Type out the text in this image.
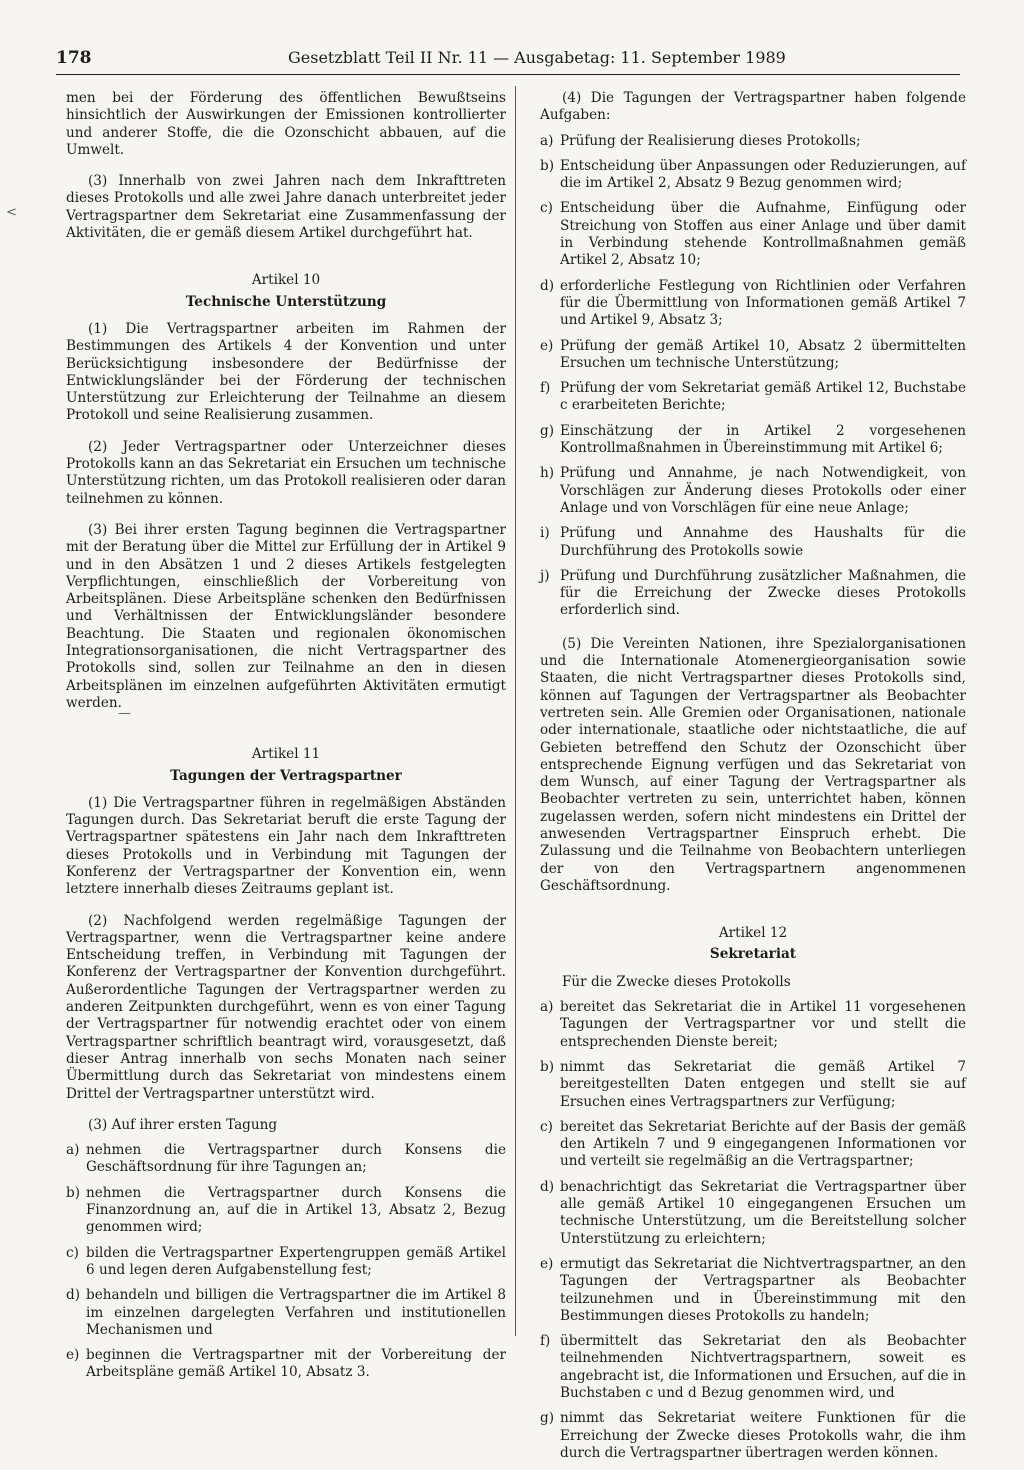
178	Gesetzblatt Teil II Nr. 11 — Ausgabetag: 11. September 1989
<
—

men bei der Förderung des öffentlichen Bewußtseins hinsichtlich der Auswirkungen der Emissionen kontrollierter und anderer Stoffe, die die Ozonschicht abbauen, auf die Umwelt.

(3) Innerhalb von zwei Jahren nach dem Inkrafttreten dieses Protokolls und alle zwei Jahre danach unterbreitet jeder Vertragspartner dem Sekretariat eine Zusammenfassung der Aktivitäten, die er gemäß diesem Artikel durchgeführt hat.

Artikel 10
Technische Unterstützung

(1) Die Vertragspartner arbeiten im Rahmen der Bestimmungen des Artikels 4 der Konvention und unter Berücksichtigung insbesondere der Bedürfnisse der Entwicklungsländer bei der Förderung der technischen Unterstützung zur Erleichterung der Teilnahme an diesem Protokoll und seine Realisierung zusammen.

(2) Jeder Vertragspartner oder Unterzeichner dieses Protokolls kann an das Sekretariat ein Ersuchen um technische Unterstützung richten, um das Protokoll realisieren oder daran teilnehmen zu können.

(3) Bei ihrer ersten Tagung beginnen die Vertragspartner mit der Beratung über die Mittel zur Erfüllung der in Artikel 9 und in den Absätzen 1 und 2 dieses Artikels festgelegten Verpflichtungen, einschließlich der Vorbereitung von Arbeitsplänen. Diese Arbeitspläne schenken den Bedürfnissen und Verhältnissen der Entwicklungsländer besondere Beachtung. Die Staaten und regionalen ökonomischen Integrationsorganisationen, die nicht Vertragspartner des Protokolls sind, sollen zur Teilnahme an den in diesen Arbeitsplänen im einzelnen aufgeführten Aktivitäten ermutigt werden.

Artikel 11
Tagungen der Vertragspartner

(1) Die Vertragspartner führen in regelmäßigen Abständen Tagungen durch. Das Sekretariat beruft die erste Tagung der Vertragspartner spätestens ein Jahr nach dem Inkrafttreten dieses Protokolls und in Verbindung mit Tagungen der Konferenz der Vertragspartner der Konvention ein, wenn letztere innerhalb dieses Zeitraums geplant ist.

(2) Nachfolgend werden regelmäßige Tagungen der Vertragspartner, wenn die Vertragspartner keine andere Entscheidung treffen, in Verbindung mit Tagungen der Konferenz der Vertragspartner der Konvention durchgeführt. Außerordentliche Tagungen der Vertragspartner werden zu anderen Zeitpunkten durchgeführt, wenn es von einer Tagung der Vertragspartner für notwendig erachtet oder von einem Vertragspartner schriftlich beantragt wird, vorausgesetzt, daß dieser Antrag innerhalb von sechs Monaten nach seiner Übermittlung durch das Sekretariat von mindestens einem Drittel der Vertragspartner unterstützt wird.

(3) Auf ihrer ersten Tagung

a) nehmen die Vertragspartner durch Konsens die Geschäftsordnung für ihre Tagungen an;
b) nehmen die Vertragspartner durch Konsens die Finanzordnung an, auf die in Artikel 13, Absatz 2, Bezug genommen wird;
c) bilden die Vertragspartner Expertengruppen gemäß Artikel 6 und legen deren Aufgabenstellung fest;
d) behandeln und billigen die Vertragspartner die im Artikel 8 im einzelnen dargelegten Verfahren und institutionellen Mechanismen und
e) beginnen die Vertragspartner mit der Vorbereitung der Arbeitspläne gemäß Artikel 10, Absatz 3.

(4) Die Tagungen der Vertragspartner haben folgende Aufgaben:

a) Prüfung der Realisierung dieses Protokolls;
b) Entscheidung über Anpassungen oder Reduzierungen, auf die im Artikel 2, Absatz 9 Bezug genommen wird;
c) Entscheidung über die Aufnahme, Einfügung oder Streichung von Stoffen aus einer Anlage und über damit in Verbindung stehende Kontrollmaßnahmen gemäß Artikel 2, Absatz 10;
d) erforderliche Festlegung von Richtlinien oder Verfahren für die Übermittlung von Informationen gemäß Artikel 7 und Artikel 9, Absatz 3;
e) Prüfung der gemäß Artikel 10, Absatz 2 übermittelten Ersuchen um technische Unterstützung;
f) Prüfung der vom Sekretariat gemäß Artikel 12, Buchstabe c erarbeiteten Berichte;
g) Einschätzung der in Artikel 2 vorgesehenen Kontrollmaßnahmen in Übereinstimmung mit Artikel 6;
h) Prüfung und Annahme, je nach Notwendigkeit, von Vorschlägen zur Änderung dieses Protokolls oder einer Anlage und von Vorschlägen für eine neue Anlage;
i) Prüfung und Annahme des Haushalts für die Durchführung des Protokolls sowie
j) Prüfung und Durchführung zusätzlicher Maßnahmen, die für die Erreichung der Zwecke dieses Protokolls erforderlich sind.

(5) Die Vereinten Nationen, ihre Spezialorganisationen und die Internationale Atomenergieorganisation sowie Staaten, die nicht Vertragspartner dieses Protokolls sind, können auf Tagungen der Vertragspartner als Beobachter vertreten sein. Alle Gremien oder Organisationen, nationale oder internationale, staatliche oder nichtstaatliche, die auf Gebieten betreffend den Schutz der Ozonschicht über entsprechende Eignung verfügen und das Sekretariat von dem Wunsch, auf einer Tagung der Vertragspartner als Beobachter vertreten zu sein, unterrichtet haben, können zugelassen werden, sofern nicht mindestens ein Drittel der anwesenden Vertragspartner Einspruch erhebt. Die Zulassung und die Teilnahme von Beobachtern unterliegen der von den Vertragspartnern angenommenen Geschäftsordnung.

Artikel 12
Sekretariat

Für die Zwecke dieses Protokolls

a) bereitet das Sekretariat die in Artikel 11 vorgesehenen Tagungen der Vertragspartner vor und stellt die entsprechenden Dienste bereit;
b) nimmt das Sekretariat die gemäß Artikel 7 bereitgestellten Daten entgegen und stellt sie auf Ersuchen eines Vertragspartners zur Verfügung;
c) bereitet das Sekretariat Berichte auf der Basis der gemäß den Artikeln 7 und 9 eingegangenen Informationen vor und verteilt sie regelmäßig an die Vertragspartner;
d) benachrichtigt das Sekretariat die Vertragspartner über alle gemäß Artikel 10 eingegangenen Ersuchen um technische Unterstützung, um die Bereitstellung solcher Unterstützung zu erleichtern;
e) ermutigt das Sekretariat die Nichtvertragspartner, an den Tagungen der Vertragspartner als Beobachter teilzunehmen und in Übereinstimmung mit den Bestimmungen dieses Protokolls zu handeln;
f) übermittelt das Sekretariat den als Beobachter teilnehmenden Nichtvertragspartnern, soweit es angebracht ist, die Informationen und Ersuchen, auf die in Buchstaben c und d Bezug genommen wird, und
g) nimmt das Sekretariat weitere Funktionen für die Erreichung der Zwecke dieses Protokolls wahr, die ihm durch die Vertragspartner übertragen werden können.
